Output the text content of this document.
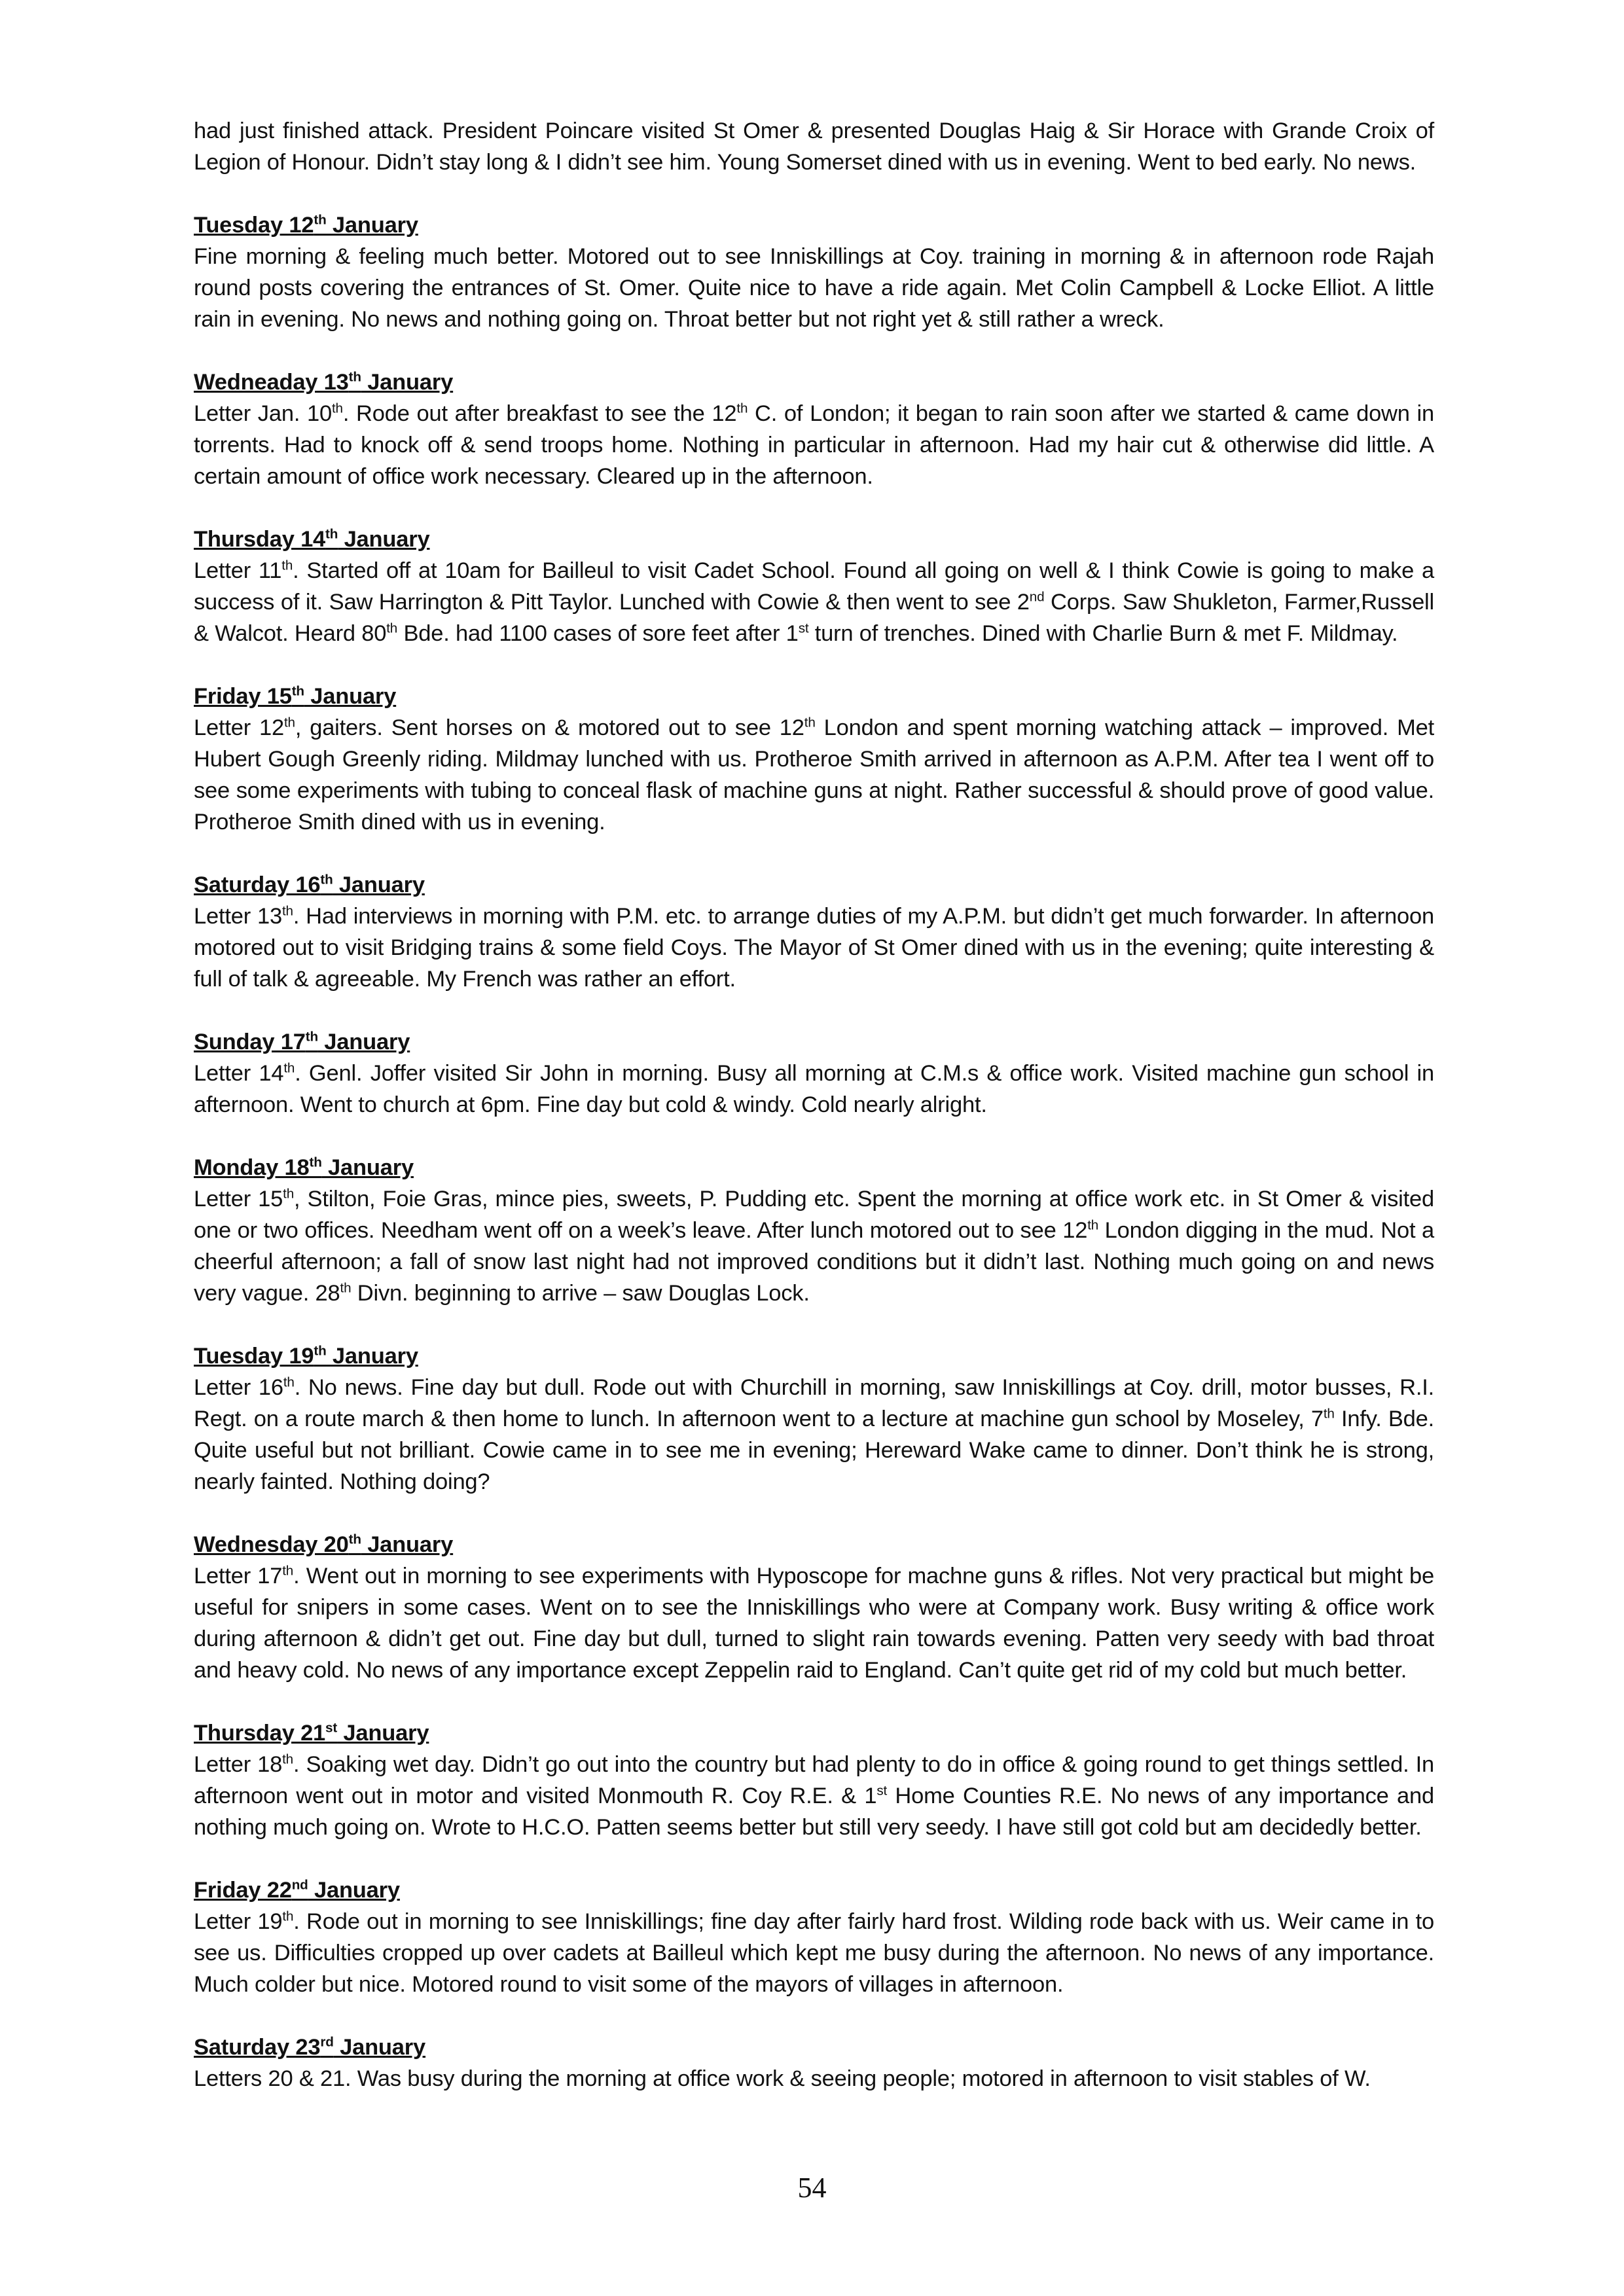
had just finished attack. President Poincare visited St Omer & presented Douglas Haig & Sir Horace with Grande Croix of Legion of Honour. Didn’t stay long & I didn’t see him. Young Somerset dined with us in evening. Went to bed early. No news.

Tuesday 12th January

Fine morning & feeling much better. Motored out to see Inniskillings at Coy. training in morning & in afternoon rode Rajah round posts covering the entrances of St. Omer. Quite nice to have a ride again. Met Colin Campbell & Locke Elliot. A little rain in evening. No news and nothing going on. Throat better but not right yet & still rather a wreck.

Wedneaday 13th January

Letter Jan. 10th. Rode out after breakfast to see the 12th C. of London; it began to rain soon after we started & came down in torrents. Had to knock off & send troops home. Nothing in particular in afternoon. Had my hair cut & otherwise did little. A certain amount of office work necessary. Cleared up in the afternoon.

Thursday 14th January

Letter 11th. Started off at 10am for Bailleul to visit Cadet School. Found all going on well & I think Cowie is going to make a success of it. Saw Harrington & Pitt Taylor. Lunched with Cowie & then went to see 2nd Corps. Saw Shukleton, Farmer,Russell & Walcot. Heard 80th Bde. had 1100 cases of sore feet after 1st turn of trenches. Dined with Charlie Burn & met F. Mildmay.

Friday 15th January

Letter 12th, gaiters. Sent horses on & motored out to see 12th London and spent morning watching attack – improved. Met Hubert Gough Greenly riding. Mildmay lunched with us. Protheroe Smith arrived in afternoon as A.P.M. After tea I went off to see some experiments with tubing to conceal flask of machine guns at night. Rather successful & should prove of good value. Protheroe Smith dined with us in evening.

Saturday 16th January

Letter 13th. Had interviews in morning with P.M. etc. to arrange duties of my A.P.M. but didn’t get much forwarder. In afternoon motored out to visit Bridging trains & some field Coys. The Mayor of St Omer dined with us in the evening; quite interesting & full of talk & agreeable. My French was rather an effort.

Sunday 17th January

Letter 14th. Genl. Joffer visited Sir John in morning. Busy all morning at C.M.s & office work. Visited machine gun school in afternoon. Went to church at 6pm. Fine day but cold & windy. Cold nearly alright.

Monday 18th January

Letter 15th, Stilton, Foie Gras, mince pies, sweets, P. Pudding etc. Spent the morning at office work etc. in St Omer & visited one or two offices. Needham went off on a week’s leave. After lunch motored out to see 12th London digging in the mud. Not a cheerful afternoon; a fall of snow last night had not improved conditions but it didn’t last. Nothing much going on and news very vague. 28th Divn. beginning to arrive – saw Douglas Lock.

Tuesday 19th January

Letter 16th. No news. Fine day but dull. Rode out with Churchill in morning, saw Inniskillings at Coy. drill, motor busses, R.I. Regt. on a route march & then home to lunch. In afternoon went to a lecture at machine gun school by Moseley, 7th Infy. Bde. Quite useful but not brilliant. Cowie came in to see me in evening; Hereward Wake came to dinner. Don’t think he is strong, nearly fainted. Nothing doing?

Wednesday 20th January

Letter 17th. Went out in morning to see experiments with Hyposcope for machne guns & rifles. Not very practical but might be useful for snipers in some cases. Went on to see the Inniskillings who were at Company work. Busy writing & office work during afternoon & didn’t get out. Fine day but dull, turned to slight rain towards evening. Patten very seedy with bad throat and heavy cold. No news of any importance except Zeppelin raid to England. Can’t quite get rid of my cold but much better.

Thursday 21st January

Letter 18th. Soaking wet day. Didn’t go out into the country but had plenty to do in office & going round to get things settled. In afternoon went out in motor and visited Monmouth R. Coy R.E. & 1st Home Counties R.E. No news of any importance and nothing much going on. Wrote to H.C.O. Patten seems better but still very seedy. I have still got cold but am decidedly better.

Friday 22nd January

Letter 19th. Rode out in morning to see Inniskillings; fine day after fairly hard frost. Wilding rode back with us. Weir came in to see us. Difficulties cropped up over cadets at Bailleul which kept me busy during the afternoon. No news of any importance. Much colder but nice. Motored round to visit some of the mayors of villages in afternoon.

Saturday 23rd January

Letters 20 & 21. Was busy during the morning at office work & seeing people; motored in afternoon to visit stables of W.

54
